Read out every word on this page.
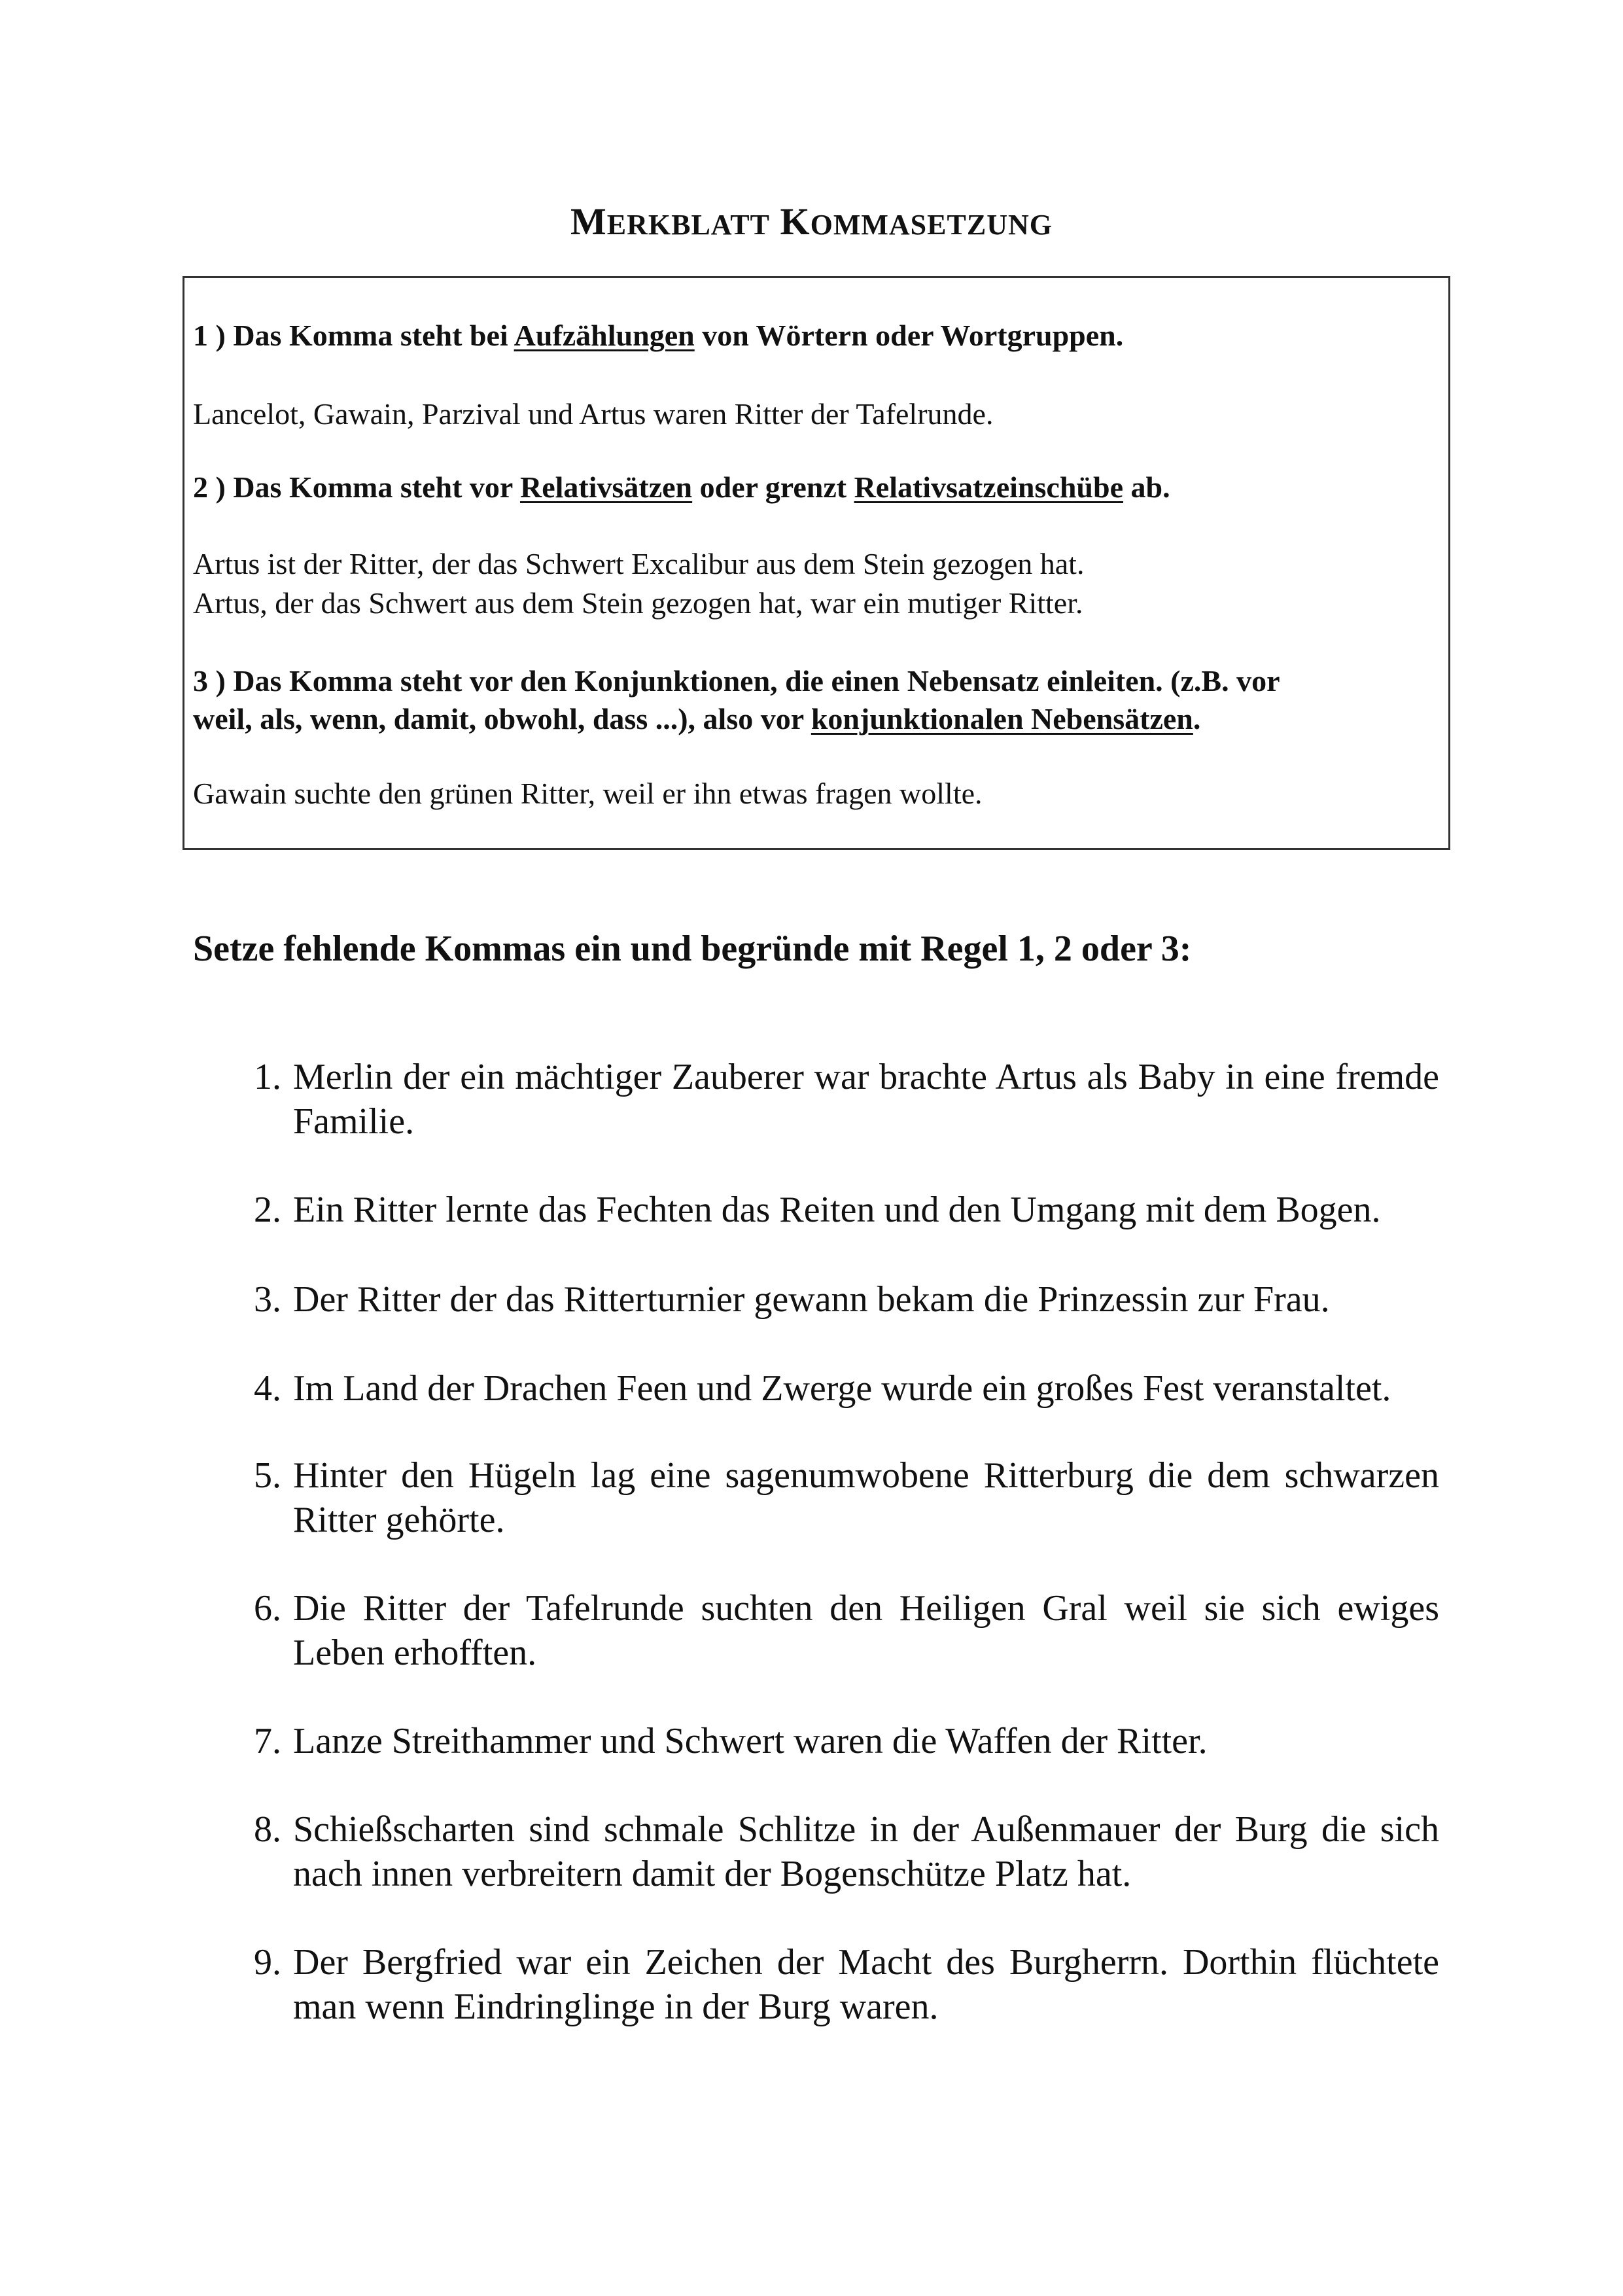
MERKBLATT KOMMASETZUNG
1 ) Das Komma steht bei Aufzählungen von Wörtern oder Wortgruppen.
Lancelot, Gawain, Parzival und Artus waren Ritter der Tafelrunde.
2 ) Das Komma steht vor Relativsätzen oder grenzt Relativsatzeinschübe ab.
Artus ist der Ritter, der das Schwert Excalibur aus dem Stein gezogen hat.
Artus, der das Schwert aus dem Stein gezogen hat, war ein mutiger Ritter.
3 ) Das Komma steht vor den Konjunktionen, die einen Nebensatz einleiten. (z.B. vor
weil, als, wenn, damit, obwohl, dass ...), also vor konjunktionalen Nebensätzen.
Gawain suchte den grünen Ritter, weil er ihn etwas fragen wollte.
Setze fehlende Kommas ein und begründe mit Regel 1, 2 oder 3:
1. Merlin der ein mächtiger Zauberer war brachte Artus als Baby in eine fremde Familie.
2. Ein Ritter lernte das Fechten das Reiten und den Umgang mit dem Bogen.
3. Der Ritter der das Ritterturnier gewann bekam die Prinzessin zur Frau.
4. Im Land der Drachen Feen und Zwerge wurde ein großes Fest veranstaltet.
5. Hinter den Hügeln lag eine sagenumwobene Ritterburg die dem schwarzen Ritter gehörte.
6. Die Ritter der Tafelrunde suchten den Heiligen Gral weil sie sich ewiges Leben erhofften.
7. Lanze Streithammer und Schwert waren die Waffen der Ritter.
8. Schießscharten sind schmale Schlitze in der Außenmauer der Burg die sich nach innen verbreitern damit der Bogenschütze Platz hat.
9. Der Bergfried war ein Zeichen der Macht des Burgherrn. Dorthin flüchtete man wenn Eindringlinge in der Burg waren.
